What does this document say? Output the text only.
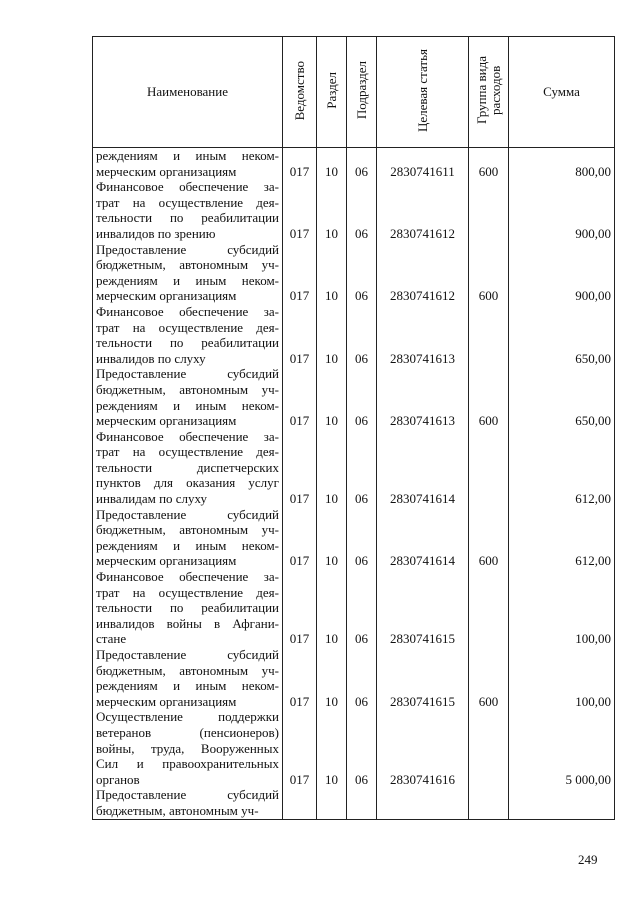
Наименование	Ведомство	Раздел	Подраздел	Целевая статья	Группа вида
расходов	Сумма

реждениям и иным неком-
мерческим организациям	017	10	06	2830741611	600	800,00

Финансовое обеспечение за-
трат на осуществление дея-
тельности по реабилитации
инвалидов по зрению	017	10	06	2830741612		900,00

Предоставление субсидий
бюджетным, автономным уч-
реждениям и иным неком-
мерческим организациям	017	10	06	2830741612	600	900,00

Финансовое обеспечение за-
трат на осуществление дея-
тельности по реабилитации
инвалидов по слуху	017	10	06	2830741613		650,00

Предоставление субсидий
бюджетным, автономным уч-
реждениям и иным неком-
мерческим организациям	017	10	06	2830741613	600	650,00

Финансовое обеспечение за-
трат на осуществление дея-
тельности диспетчерских
пунктов для оказания услуг
инвалидам по слуху	017	10	06	2830741614		612,00

Предоставление субсидий
бюджетным, автономным уч-
реждениям и иным неком-
мерческим организациям	017	10	06	2830741614	600	612,00

Финансовое обеспечение за-
трат на осуществление дея-
тельности по реабилитации
инвалидов войны в Афгани-
стане	017	10	06	2830741615		100,00

Предоставление субсидий
бюджетным, автономным уч-
реждениям и иным неком-
мерческим организациям	017	10	06	2830741615	600	100,00

Осуществление поддержки
ветеранов (пенсионеров)
войны, труда, Вооруженных
Сил и правоохранительных
органов	017	10	06	2830741616		5 000,00

Предоставление субсидий
бюджетным, автономным уч-						

249
